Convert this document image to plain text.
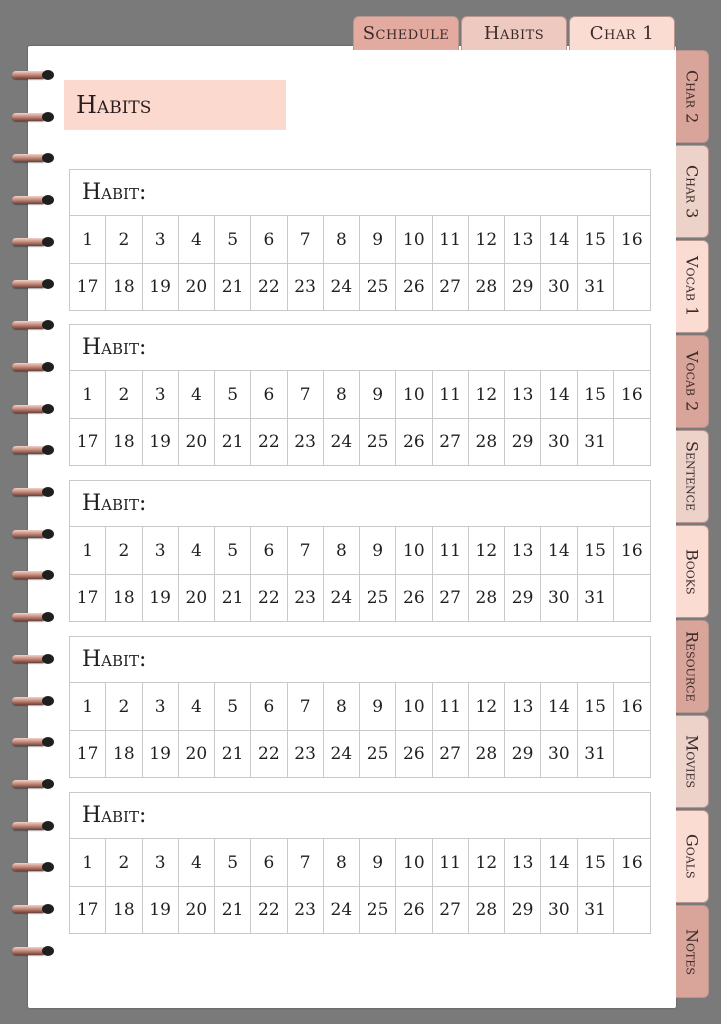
Schedule	Habits	Char 1
Char 2
Char 3
Vocab 1
Vocab 2
Sentence
Books
Resource
Movies
Goals
Notes
Habits
Habit:
1	2	3	4	5	6	7	8	9	10 11 12 13 14 15 16
17 18 19 20 21 22 23 24 25 26 27 28 29 30 31
Habit:
1	2	3	4	5	6	7	8	9	10 11 12 13 14 15 16
17 18 19 20 21 22 23 24 25 26 27 28 29 30 31
Habit:
1	2	3	4	5	6	7	8	9	10 11 12 13 14 15 16
17 18 19 20 21 22 23 24 25 26 27 28 29 30 31
Habit:
1	2	3	4	5	6	7	8	9	10 11 12 13 14 15 16
17 18 19 20 21 22 23 24 25 26 27 28 29 30 31
Habit:
1	2	3	4	5	6	7	8	9	10 11 12 13 14 15 16
17 18 19 20 21 22 23 24 25 26 27 28 29 30 31
